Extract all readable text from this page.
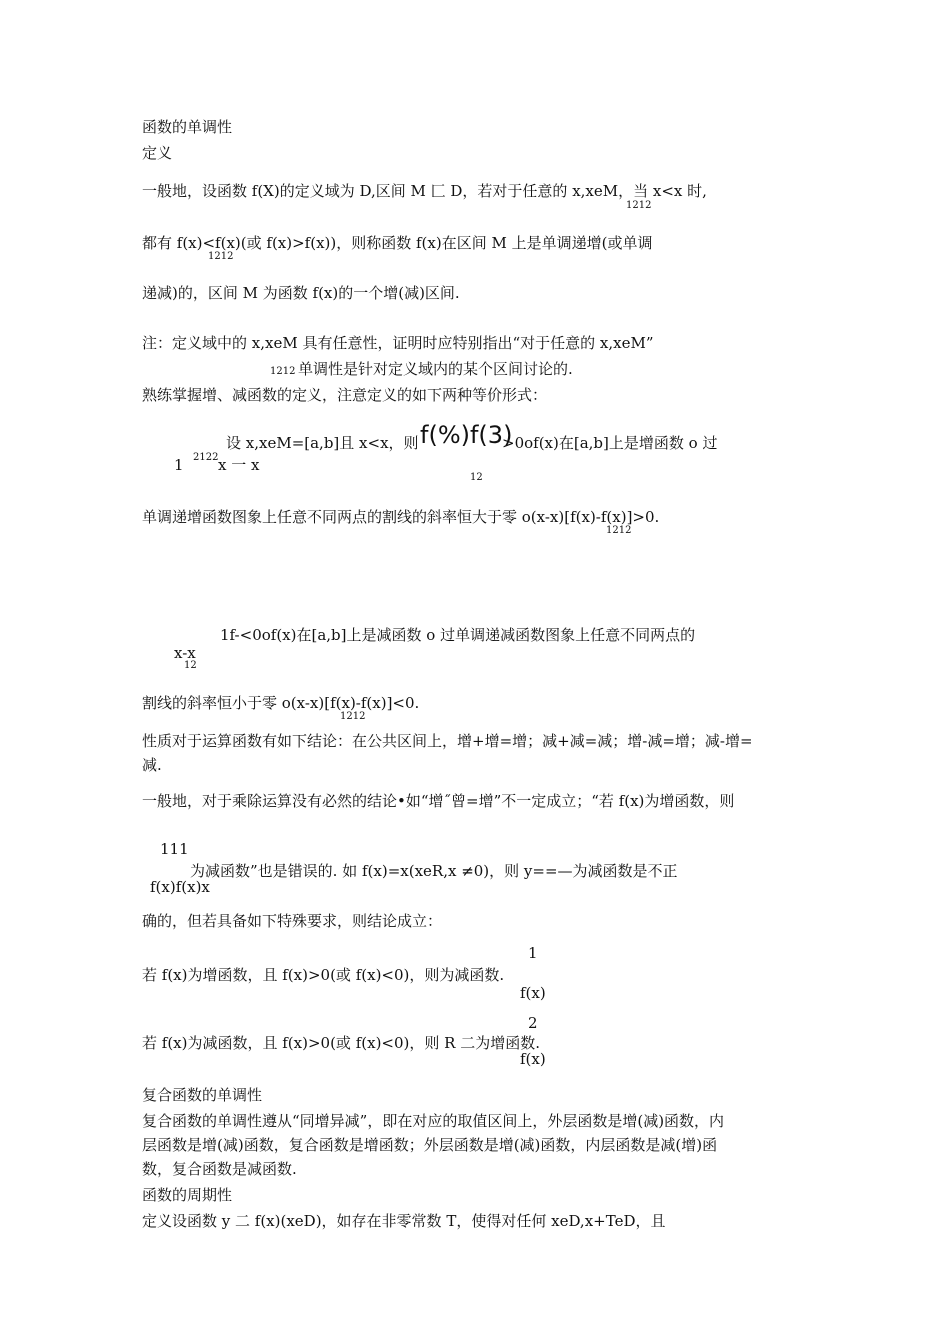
函数的单调性
定义
一般地，设函数 f(X)的定义域为 D,区间 M 匚 D，若对于任意的 x,xeM，当 x<x 时,
1212
都有 f(x)<f(x)(或 f(x)>f(x))，则称函数 f(x)在区间 M 上是单调递增(或单调
1212
递减)的，区间 M 为函数 f(x)的一个增(减)区间.
注：定义域中的 x,xeM 具有任意性，证明时应特别指出“对于任意的 x,xeM”
1212 单调性是针对定义域内的某个区间讨论的.
熟练掌握增、减函数的定义，注意定义的如下两种等价形式：
设 x,xeM=[a,b]且 x<x，则 f(%)f(3)
>0of(x)在[a,b]上是增函数 o 过
1 2122 x 一 x
12
单调递增函数图象上任意不同两点的割线的斜率恒大于零 o(x-x)[f(x)-f(x)]>0.
1212
1f-<0of(x)在[a,b]上是减函数 o 过单调递减函数图象上任意不同两点的
x-x
12
割线的斜率恒小于零 o(x-x)[f(x)-f(x)]<0.
1212
性质对于运算函数有如下结论：在公共区间上，增+增=增；减+减=减；增-减=增；减-增=
减.
一般地，对于乘除运算没有必然的结论•如“增˝曾=增”不一定成立；“若 f(x)为增函数，则
111
为减函数”也是错误的. 如 f(x)=x(xeR,x ≠0)，则 y==—为减函数是不正
f(x)f(x)x
确的，但若具备如下特殊要求，则结论成立：
1
若 f(x)为增函数，且 f(x)>0(或 f(x)<0)，则为减函数.
f(x)
2
若 f(x)为减函数，且 f(x)>0(或 f(x)<0)，则 R 二为增函数.
f(x)
复合函数的单调性
复合函数的单调性遵从“同增异减”，即在对应的取值区间上，外层函数是增(减)函数，内
层函数是增(减)函数，复合函数是增函数；外层函数是增(减)函数，内层函数是减(增)函
数，复合函数是减函数.
函数的周期性
定义设函数 y 二 f(x)(xeD)，如存在非零常数 T，使得对任何 xeD,x+TeD，且
